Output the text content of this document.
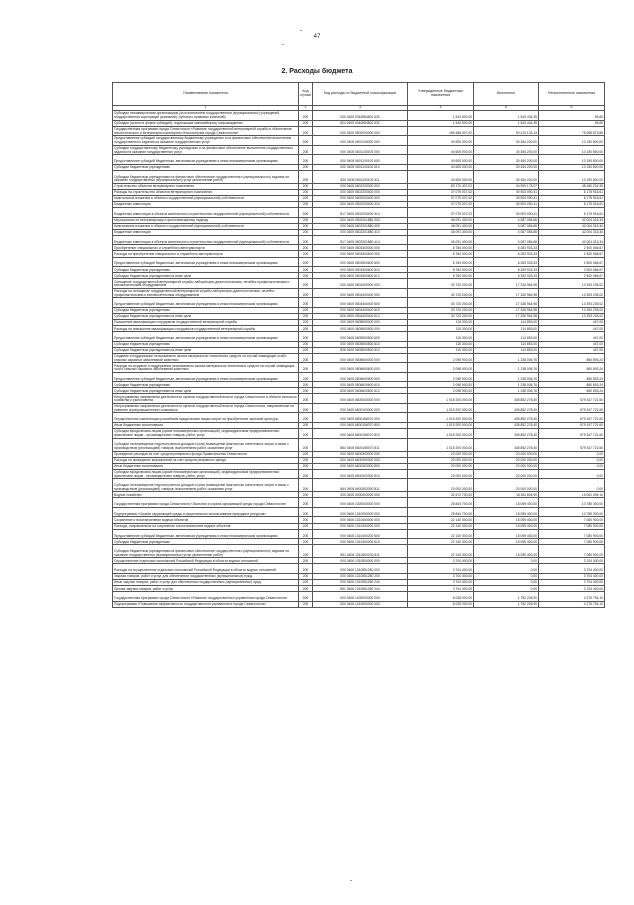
47
2. Расходы бюджета
Наименование показателя	Код строки	Код расхода по бюджетной классификации	Утвержденные бюджетные назначения	Исполнено	Неисполненные назначения
1	2	3	4	5	6
Субсидии некоммерческим организациям (за исключением государственных (муниципальных) учреждений, государственных корпораций (компаний), публично-правовых компаний)	200	000 0405 0340584802 630	1 543 500,00	1 543 434,35	65,65
Субсидии (гранты в форме субсидий), подлежащие казначейскому сопровождению	200	804 0405 0340584802 632	1 543 500,00	1 543 434,35	65,65
Государственная программа города Севастополя «Развитие государственной ветеринарной службы и обеспечение эпизоотического и ветеринарно-санитарного благополучия города Севастополя»	200	000 0405 0600000000 000	165 488 007,02	90 410 133,14	75 068 873,88
Предоставление субсидий государственному бюджетному учреждению и на финансовое обеспечение выполнения государственного задания на оказание государственных услуг	200	000 0405 0601100000 000	40 605 000,00	30 454 200,00	10 150 800,00
Субсидии государственному бюджетному учреждению и на финансовое обеспечение выполнения государственного задания на оказание государственных услуг	200	000 0405 0601100100 000	40 605 000,00	30 454 200,00	10 150 800,00
Предоставление субсидий бюджетным, автономным учреждениям и иным некоммерческим организациям	200	000 0405 0601100100 600	40 605 000,00	30 454 200,00	10 150 800,00
Субсидии бюджетным учреждениям	200	000 0405 0601100100 610	40 605 000,00	30 454 200,00	10 150 800,00
Субсидии бюджетным учреждениям на финансовое обеспечение государственного (муниципального) задания на оказание государственных (муниципальных) услуг (выполнение работ)	200	826 0405 0601100100 611	40 605 000,00	30 454 200,00	10 150 800,00
Строительство объектов ветеринарного назначения	200	000 0405 0602200000 000	83 170 407,02	34 990 175,07	48 180 231,95
Расходы на строительство объектов ветеринарного назначения	200	000 0405 0602200400 000	37 079 007,02	30 903 090,41	6 175 916,61
Капитальные вложения в объекты государственной (муниципальной) собственности	200	000 0405 0602200400 400	37 079 007,02	30 903 090,41	6 175 916,61
Бюджетные инвестиции	200	000 0405 0602200400 410	37 079 007,02	30 903 090,41	6 175 916,61
Бюджетные инвестиции в объекты капитального строительства государственной (муниципальной) собственности	200	817 0405 0602200400 414	37 079 007,02	30 903 090,41	6 175 916,61
Мероприятия по ветеринарному и фитосанитарному надзору	200	000 0405 0602201880 000	46 091 400,00	4 087 084,66	42 004 315,34
Капитальные вложения в объекты государственной (муниципальной) собственности	200	000 0405 0602201880 400	46 091 400,00	4 087 084,66	42 004 315,34
Бюджетные инвестиции	200	000 0405 0602201880 410	46 091 400,00	4 087 084,66	42 004 315,34
Бюджетные инвестиции в объекты капитального строительства государственной (муниципальной) собственности	200	817 0405 0602201880 414	46 091 400,00	4 087 084,66	42 004 315,34
Приобретение специального и служебного автотранспорта	200	000 0405 0603300000 000	8 784 000,00	6 283 933,33	2 500 066,67
Расходы на приобретение специального и служебного автотранспорта	200	000 0405 0603300600 000	8 784 000,00	6 283 933,33	2 500 066,67
Предоставление субсидий бюджетным, автономным учреждениям и иным некоммерческим организациям	200	000 0405 0603300600 600	8 784 000,00	6 283 933,33	2 500 066,67
Субсидии бюджетным учреждениям	200	000 0405 0603300600 610	8 784 000,00	6 283 933,33	2 500 066,67
Субсидии бюджетным учреждениям на иные цели	200	826 0405 0603300600 612	8 784 000,00	6 283 933,33	2 500 066,67
Оснащение государственной ветеринарной службы лабораторно-диагностическим, лечебно-профилактическим и вспомогательным оборудованием	200	000 0405 0604400000 000	30 720 200,00	17 326 964,98	13 393 235,02
Расходы на оснащение государственной ветеринарной службы лабораторно-диагностическим, лечебно-профилактическим и вспомогательным оборудованием	200	000 0405 0604400400 000	30 720 200,00	17 326 964,98	13 393 235,02
Предоставление субсидий бюджетным, автономным учреждениям и иным некоммерческим организациям	200	000 0405 0604400400 600	30 720 200,00	17 326 964,98	13 393 235,02
Субсидии бюджетным учреждениям	200	000 0405 0604400400 610	30 720 200,00	17 326 964,98	13 393 235,02
Субсидии бюджетным учреждениям на иные цели	200	826 0405 0604400400 612	30 720 200,00	17 326 964,98	13 393 235,02
Повышение квалификации сотрудников государственной ветеринарной службы	200	000 0405 0605500000 000	115 300,00	114 853,00	447,00
Расходы на повышение квалификации сотрудников государственной ветеринарной службы	200	000 0405 0605500500 000	115 300,00	114 853,00	447,00
Предоставление субсидий бюджетным, автономным учреждениям и иным некоммерческим организациям	200	000 0405 0605500500 600	115 300,00	114 853,00	447,00
Субсидии бюджетным учреждениям	200	000 0405 0605500500 610	115 300,00	114 853,00	447,00
Субсидии бюджетным учреждениям на иные цели	200	826 0405 0605500500 612	115 300,00	114 853,00	447,00
Создание и поддержание неснижаемого запаса материально-технических средств на случай ликвидации особо опасных заразных заболеваний животных	200	000 0405 0606600000 000	2 098 900,00	1 238 006,76	860 893,24
Расходы на создание и поддержание неснижаемого запаса материально-технических средств на случай ликвидации особо опасных заразных заболеваний животных	200	000 0405 0606600600 000	2 098 900,00	1 238 006,76	860 893,24
Предоставление субсидий бюджетным, автономным учреждениям и иным некоммерческим организациям	200	000 0405 0606600600 600	2 098 900,00	1 238 006,76	860 893,24
Субсидии бюджетным учреждениям	200	000 0405 0606600600 610	2 098 900,00	1 238 006,76	860 893,24
Субсидии бюджетным учреждениям на иные цели	200	826 0405 0606600600 612	2 098 900,00	1 238 006,76	860 893,24
Непрограммные направления деятельности органов государственной власти города Севастополя в области сельского хозяйства и рыболовства	200	000 0405 6600000000 000	1 015 200 000,00	435 852 278,40	579 347 721,60
Непрограммные направления деятельности органов государственной власти города Севастополя, направленные на развитие агропромышленного комплекса	200	000 0405 6600100000 000	1 015 200 000,00	435 852 278,40	579 347 721,60
Осуществление компенсации российским юридическим лицам затрат на приобретение зерновой культуры	200	000 0405 6600156070 000	1 015 200 000,00	435 852 278,40	579 347 721,60
Иные бюджетные ассигнования	200	000 0405 6600156070 800	1 015 200 000,00	435 852 278,40	579 347 721,60
Субсидии юридическим лицам (кроме некоммерческих организаций), индивидуальным предпринимателям, физическим лицам - производителям товаров, работ, услуг	200	000 0405 6600156070 810	1 015 200 000,00	435 852 278,40	579 347 721,60
Субсидии на возмещение недополученных доходов и (или) возмещение фактически понесенных затрат в связи с производством (реализацией) товаров, выполнением работ, оказанием услуг	200	864 0405 6600156070 811	1 015 200 000,00	435 852 278,40	579 347 721,60
Проведение расходов за счет средств резервного фонда Правительства Севастополя	200	000 0405 6600300000 000	20 000 000,00	20 000 000,00	0,00
Расходы на проведение мероприятий за счет средств резервного фонда	200	000 0405 6600300300 000	20 000 000,00	20 000 000,00	0,00
Иные бюджетные ассигнования	200	000 0405 6600300300 800	20 000 000,00	20 000 000,00	0,00
Субсидии юридическим лицам (кроме некоммерческих организаций), индивидуальным предпринимателям, физическим лицам - производителям товаров, работ, услуг	200	000 0405 6600300300 810	20 000 000,00	20 000 000,00	0,00
Субсидии на возмещение недополученных доходов и (или) возмещение фактически понесенных затрат в связи с производством (реализацией) товаров, выполнением работ, оказанием услуг	200	864 0405 6600300300 811	20 000 000,00	20 000 000,00	0,00
Водное хозяйство	200	000 0406 0000000000 000	31 672 700,00	16 811 605,90	15 061 094,10
Государственная программа города Севастополя «Экология и охрана окружающей среды города Севастополя»	200	000 0406 1300000000 000	25 844 700,00	15 059 400,00	10 785 300,00
Подпрограмма «Охрана окружающей среды и рациональное использование природных ресурсов»	200	000 0406 1310000000 000	25 844 700,00	15 059 400,00	10 785 300,00
Сохранение и восстановление водных объектов	200	000 0406 1310400000 000	22 140 300,00	15 059 400,00	7 080 900,00
Расходы, направленные на сохранение и восстановление водных объектов	200	000 0406 1310400200 000	22 140 300,00	15 059 400,00	7 080 900,00
Предоставление субсидий бюджетным, автономным учреждениям и иным некоммерческим организациям	200	000 0406 1310400200 600	22 140 300,00	15 059 400,00	7 080 900,00
Субсидии бюджетным учреждениям	200	000 0406 1310400200 610	22 140 300,00	15 059 400,00	7 080 900,00
Субсидии бюджетным учреждениям на финансовое обеспечение государственного (муниципального) задания на оказание государственных (муниципальных) услуг (выполнение работ)	200	851 0406 1310400200 611	22 140 300,00	15 059 400,00	7 080 900,00
Осуществление отдельных полномочий Российской Федерации в области водных отношений	200	000 0406 1310500000 000	3 704 400,00	0,00	3 704 400,00
Расходы на осуществление отдельных полномочий Российской Федерации в области водных отношений	200	000 0406 1310551280 000	3 704 400,00	0,00	3 704 400,00
Закупка товаров, работ и услуг для обеспечения государственных (муниципальных) нужд	200	000 0406 1310551280 200	3 704 400,00	0,00	3 704 400,00
Иные закупки товаров, работ и услуг для обеспечения государственных (муниципальных) нужд	200	000 0406 1310551280 240	3 704 400,00	0,00	3 704 400,00
Прочая закупка товаров, работ и услуг	200	851 0406 1310551280 244	3 704 400,00	0,00	3 704 400,00
Государственная программа города Севастополя «Развитие государственного управления города Севастополя»	200	000 0406 1400000000 000	6 028 000,00	1 752 205,90	4 275 794,10
Подпрограмма «Повышение эффективности государственного управления в городе Севастополе»	200	000 0406 1410000000 000	6 028 000,00	1 752 205,90	4 275 794,10
